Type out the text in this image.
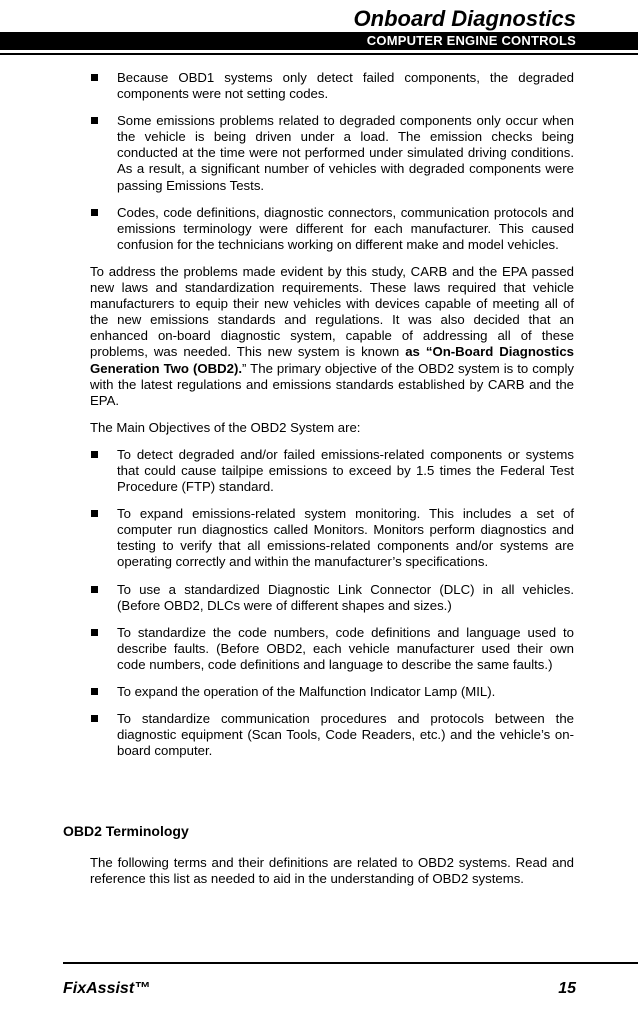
Onboard Diagnostics
COMPUTER ENGINE CONTROLS
Because OBD1 systems only detect failed components, the degraded components were not setting codes.
Some emissions problems related to degraded components only occur when the vehicle is being driven under a load. The emission checks being conducted at the time were not performed under simulated driving conditions. As a result, a significant number of vehicles with degraded components were passing Emissions Tests.
Codes, code definitions, diagnostic connectors, communication protocols and emissions terminology were different for each manufacturer. This caused confusion for the technicians working on different make and model vehicles.
To address the problems made evident by this study, CARB and the EPA passed new laws and standardization requirements. These laws required that vehicle manufacturers to equip their new vehicles with devices capable of meeting all of the new emissions standards and regulations. It was also decided that an enhanced on-board diagnostic system, capable of addressing all of these problems, was needed. This new system is known as “On-Board Diagnostics Generation Two (OBD2).” The primary objective of the OBD2 system is to comply with the latest regulations and emissions standards established by CARB and the EPA.
The Main Objectives of the OBD2 System are:
To detect degraded and/or failed emissions-related components or systems that could cause tailpipe emissions to exceed by 1.5 times the Federal Test Procedure (FTP) standard.
To expand emissions-related system monitoring. This includes a set of computer run diagnostics called Monitors. Monitors perform diagnostics and testing to verify that all emissions-related components and/or systems are operating correctly and within the manufacturer’s specifications.
To use a standardized Diagnostic Link Connector (DLC) in all vehicles. (Before OBD2, DLCs were of different shapes and sizes.)
To standardize the code numbers, code definitions and language used to describe faults. (Before OBD2, each vehicle manufacturer used their own code numbers, code definitions and language to describe the same faults.)
To expand the operation of the Malfunction Indicator Lamp (MIL).
To standardize communication procedures and protocols between the diagnostic equipment (Scan Tools, Code Readers, etc.) and the vehicle’s on-board computer.
OBD2 Terminology
The following terms and their definitions are related to OBD2 systems. Read and reference this list as needed to aid in the understanding of OBD2 systems.
FixAssist™	15
